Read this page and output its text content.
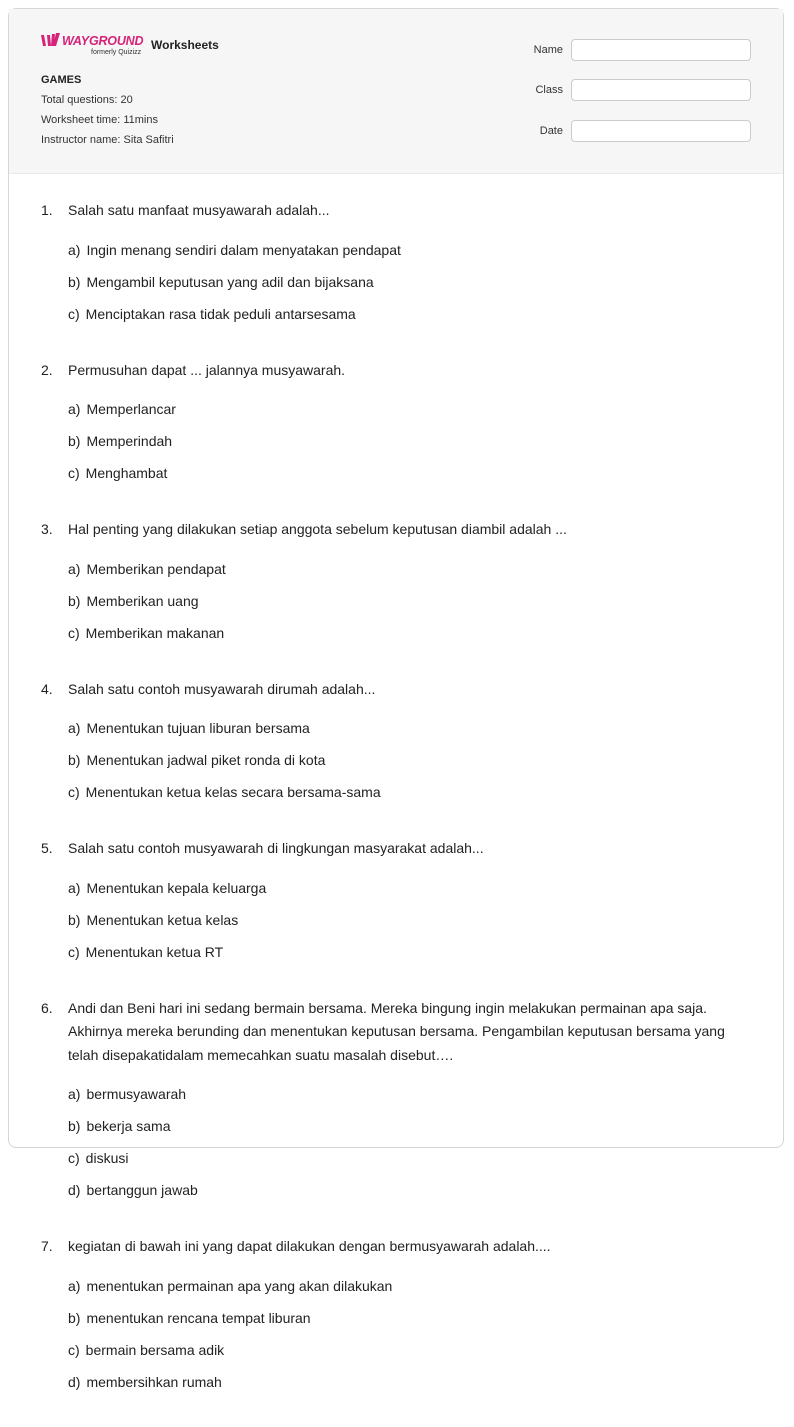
WAYGROUND
formerly Quizizz
Worksheets
GAMES
Total questions: 20
Worksheet time: 11mins
Instructor name: Sita Safitri
Name
Class
Date
1.	Salah satu manfaat musyawarah adalah...
a) Ingin menang sendiri dalam menyatakan pendapat
b) Mengambil keputusan yang adil dan bijaksana
c) Menciptakan rasa tidak peduli antarsesama
2.	Permusuhan dapat ... jalannya musyawarah.
a) Memperlancar
b) Memperindah
c) Menghambat
3.	Hal penting yang dilakukan setiap anggota sebelum keputusan diambil adalah ...
a) Memberikan pendapat
b) Memberikan uang
c) Memberikan makanan
4.	Salah satu contoh musyawarah dirumah adalah...
a) Menentukan tujuan liburan bersama
b) Menentukan jadwal piket ronda di kota
c) Menentukan ketua kelas secara bersama-sama
5.	Salah satu contoh musyawarah di lingkungan masyarakat adalah...
a) Menentukan kepala keluarga
b) Menentukan ketua kelas
c) Menentukan ketua RT
6.	Andi dan Beni hari ini sedang bermain bersama. Mereka bingung ingin melakukan permainan apa saja. Akhirnya mereka berunding dan menentukan keputusan bersama. Pengambilan keputusan bersama yang telah disepakatidalam memecahkan suatu masalah disebut….
a) bermusyawarah
b) bekerja sama
c) diskusi
d) bertanggun jawab
7.	kegiatan di bawah ini yang dapat dilakukan dengan bermusyawarah adalah....
a) menentukan permainan apa yang akan dilakukan
b) menentukan rencana tempat liburan
c) bermain bersama adik
d) membersihkan rumah
